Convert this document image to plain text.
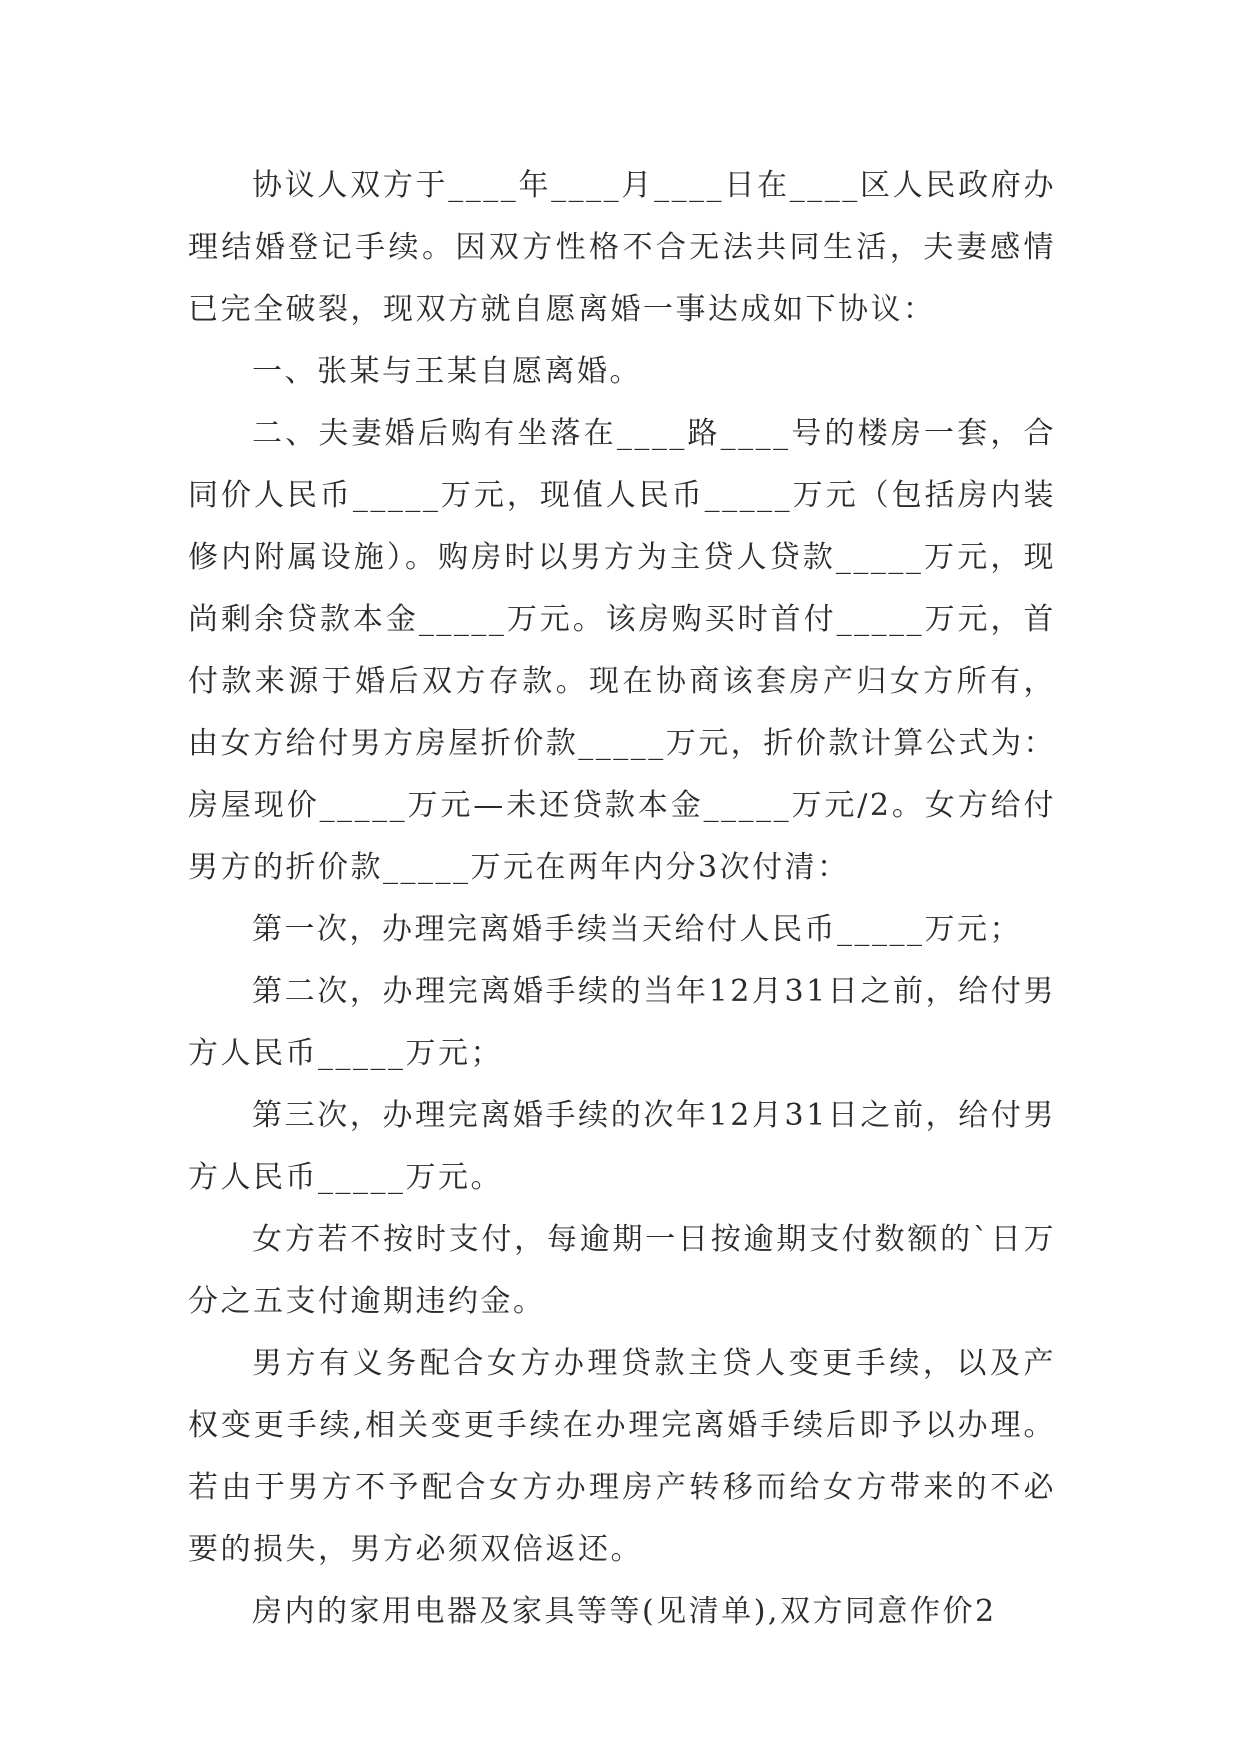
协议人双方于____年____月____日在____区人民政府办理结婚登记手续。因双方性格不合无法共同生活，夫妻感情已完全破裂，现双方就自愿离婚一事达成如下协议：

一、张某与王某自愿离婚。

二、夫妻婚后购有坐落在____路____号的楼房一套，合同价人民币_____万元，现值人民币_____万元（包括房内装修内附属设施）。购房时以男方为主贷人贷款_____万元，现尚剩余贷款本金_____万元。该房购买时首付_____万元，首付款来源于婚后双方存款。现在协商该套房产归女方所有，由女方给付男方房屋折价款_____万元，折价款计算公式为：房屋现价_____万元—未还贷款本金_____万元/2。女方给付男方的折价款_____万元在两年内分3次付清：

第一次，办理完离婚手续当天给付人民币_____万元；

第二次，办理完离婚手续的当年12月31日之前，给付男方人民币_____万元；

第三次，办理完离婚手续的次年12月31日之前，给付男方人民币_____万元。

女方若不按时支付，每逾期一日按逾期支付数额的`日万分之五支付逾期违约金。

男方有义务配合女方办理贷款主贷人变更手续，以及产权变更手续,相关变更手续在办理完离婚手续后即予以办理。若由于男方不予配合女方办理房产转移而给女方带来的不必要的损失，男方必须双倍返还。

房内的家用电器及家具等等(见清单),双方同意作价2
